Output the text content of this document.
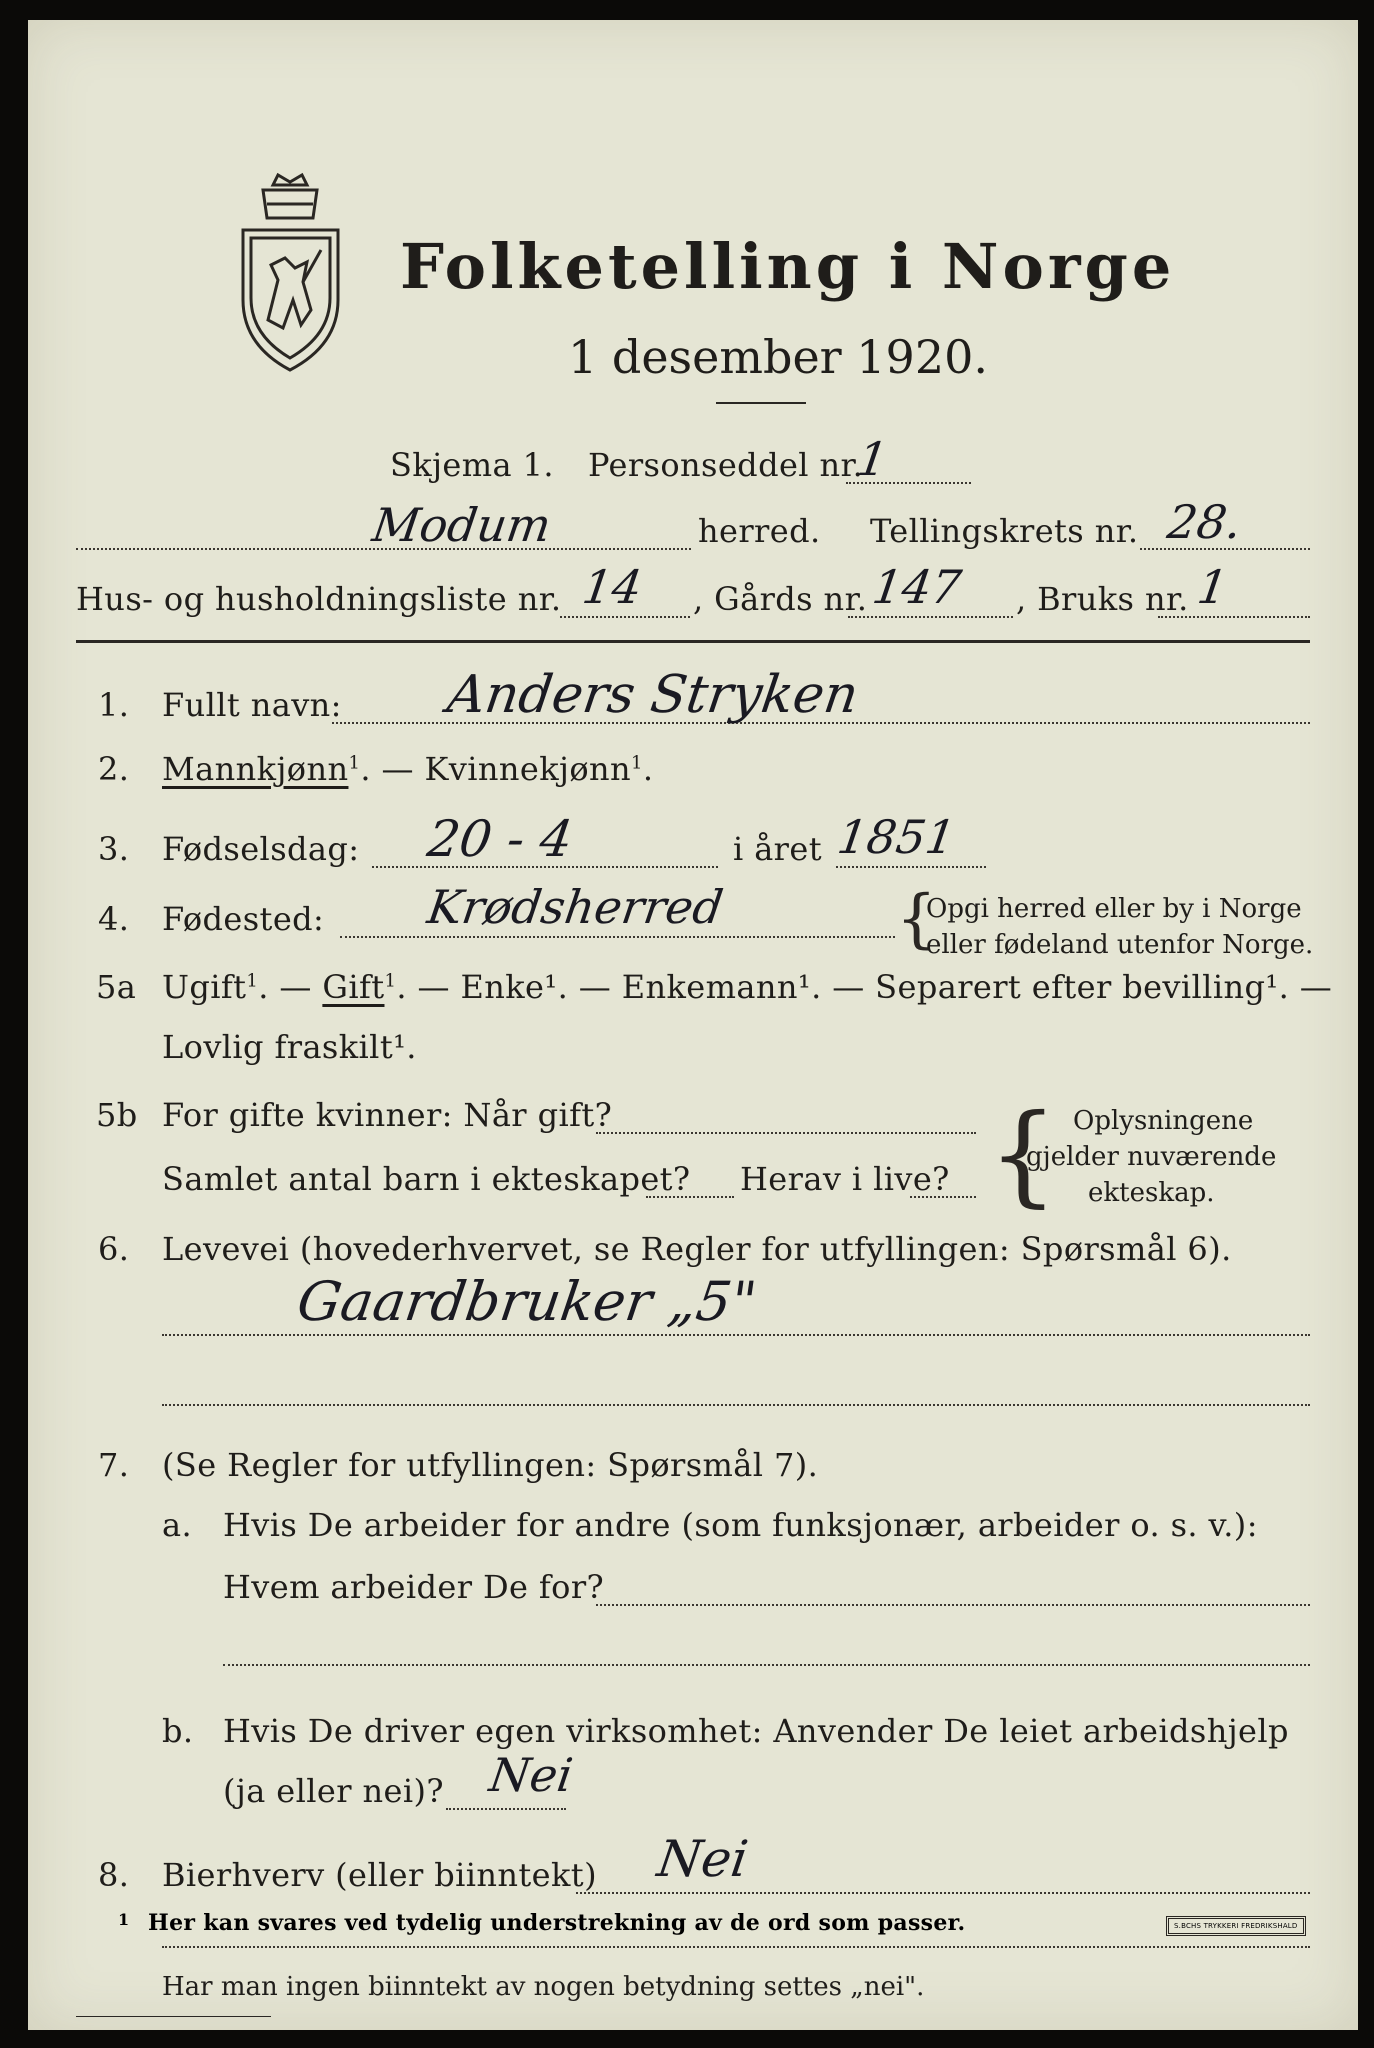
Folketelling i Norge
1 desember 1920.
Skjema 1. Personseddel nr.
1
Modum	herred. Tellingskrets nr. 28.
Hus- og husholdningsliste nr. 14 , Gårds nr. 147 , Bruks nr. 1
1. Fullt navn: Anders Stryken
2. Mannkjønn$^1$. — Kvinnekjønn$^1$.
3. Fødselsdag: 20 - 4	i året 1851
4. Fødested: Krødsherred	{
Opgi herred eller by i Norge
eller fødeland utenfor Norge.
5a Ugift$^1$. — Gift$^1$. — Enke¹. — Enkemann¹. — Separert efter bevilling¹. —
Lovlig fraskilt¹.
5b For gifte kvinner: Når gift?
Samlet antal barn i ekteskapet? Herav i live? { Oplysningene
gjelder nuværende
ekteskap.
6. Levevei (hovederhvervet, se Regler for utfyllingen: Spørsmål 6).
Gaardbruker „5"
7. (Se Regler for utfyllingen: Spørsmål 7).
a. Hvis De arbeider for andre (som funksjonær, arbeider o. s. v.):
Hvem arbeider De for?
b. Hvis De driver egen virksomhet: Anvender De leiet arbeidshjelp
(ja eller nei)? Nei
8. Bierhverv (eller biinntekt) Nei
Har man ingen biinntekt av nogen betydning settes „nei".
1 Her kan svares ved tydelig understrekning av de ord som passer.	S.BCHS TRYKKERI FREDRIKSHALD
